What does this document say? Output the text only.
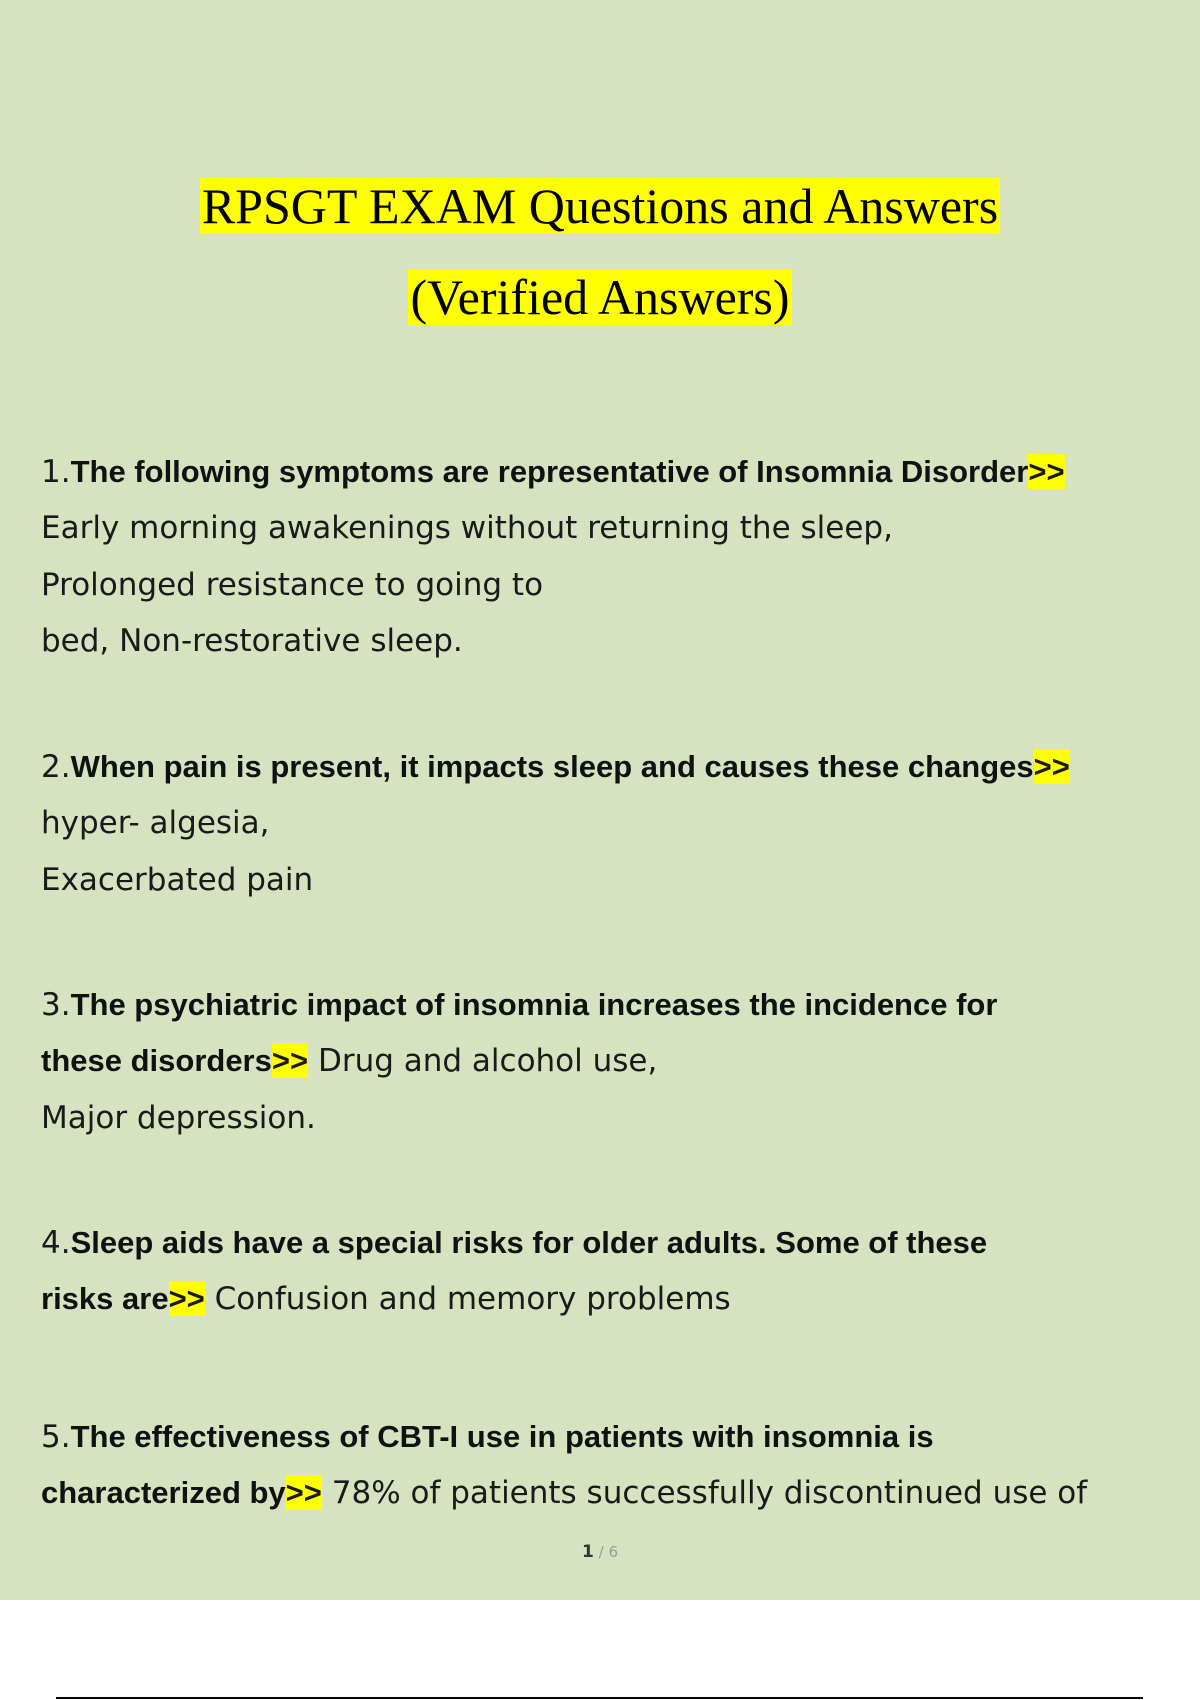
RPSGT EXAM Questions and Answers
(Verified Answers)
1.The following symptoms are representative of Insomnia Disorder>>
Early morning awakenings without returning the sleep,
Prolonged resistance to going to
bed, Non-restorative sleep.
2.When pain is present, it impacts sleep and causes these changes>>
hyper- algesia,
Exacerbated pain
3.The psychiatric impact of insomnia increases the incidence for
these disorders>> Drug and alcohol use,
Major depression.
4.Sleep aids have a special risks for older adults. Some of these
risks are>> Confusion and memory problems
5.The effectiveness of CBT-I use in patients with insomnia is
characterized by>> 78% of patients successfully discontinued use of
1 / 6
